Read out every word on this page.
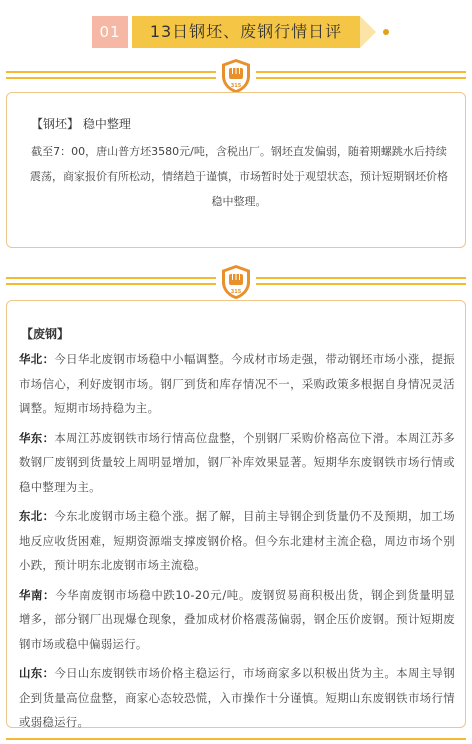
01	13日钢坯、废钢行情日评
315
【钢坯】 稳中整理
截至7：00，唐山普方坯3580元/吨，含税出厂。钢坯直发偏弱，随着期螺跳水后持续震荡，商家报价有所松动，情绪趋于谨慎，市场暂时处于观望状态，预计短期钢坯价格稳中整理。
315
【废钢】
华北：今日华北废钢市场稳中小幅调整。今成材市场走强，带动钢坯市场小涨，提振市场信心，利好废钢市场。钢厂到货和库存情况不一，采购政策多根据自身情况灵活调整。短期市场持稳为主。
华东：本周江苏废钢铁市场行情高位盘整，个别钢厂采购价格高位下滑。本周江苏多数钢厂废钢到货量较上周明显增加，钢厂补库效果显著。短期华东废钢铁市场行情或稳中整理为主。
东北：今东北废钢市场主稳个涨。据了解，目前主导钢企到货量仍不及预期，加工场地反应收货困难，短期资源端支撑废钢价格。但今东北建材主流企稳，周边市场个别小跌，预计明东北废钢市场主流稳。
华南：今华南废钢市场稳中跌10-20元/吨。废钢贸易商积极出货，钢企到货量明显增多，部分钢厂出现爆仓现象，叠加成材价格震荡偏弱，钢企压价废钢。预计短期废钢市场或稳中偏弱运行。
山东：今日山东废钢铁市场价格主稳运行，市场商家多以积极出货为主。本周主导钢企到货量高位盘整，商家心态较恐慌，入市操作十分谨慎。短期山东废钢铁市场行情或弱稳运行。
